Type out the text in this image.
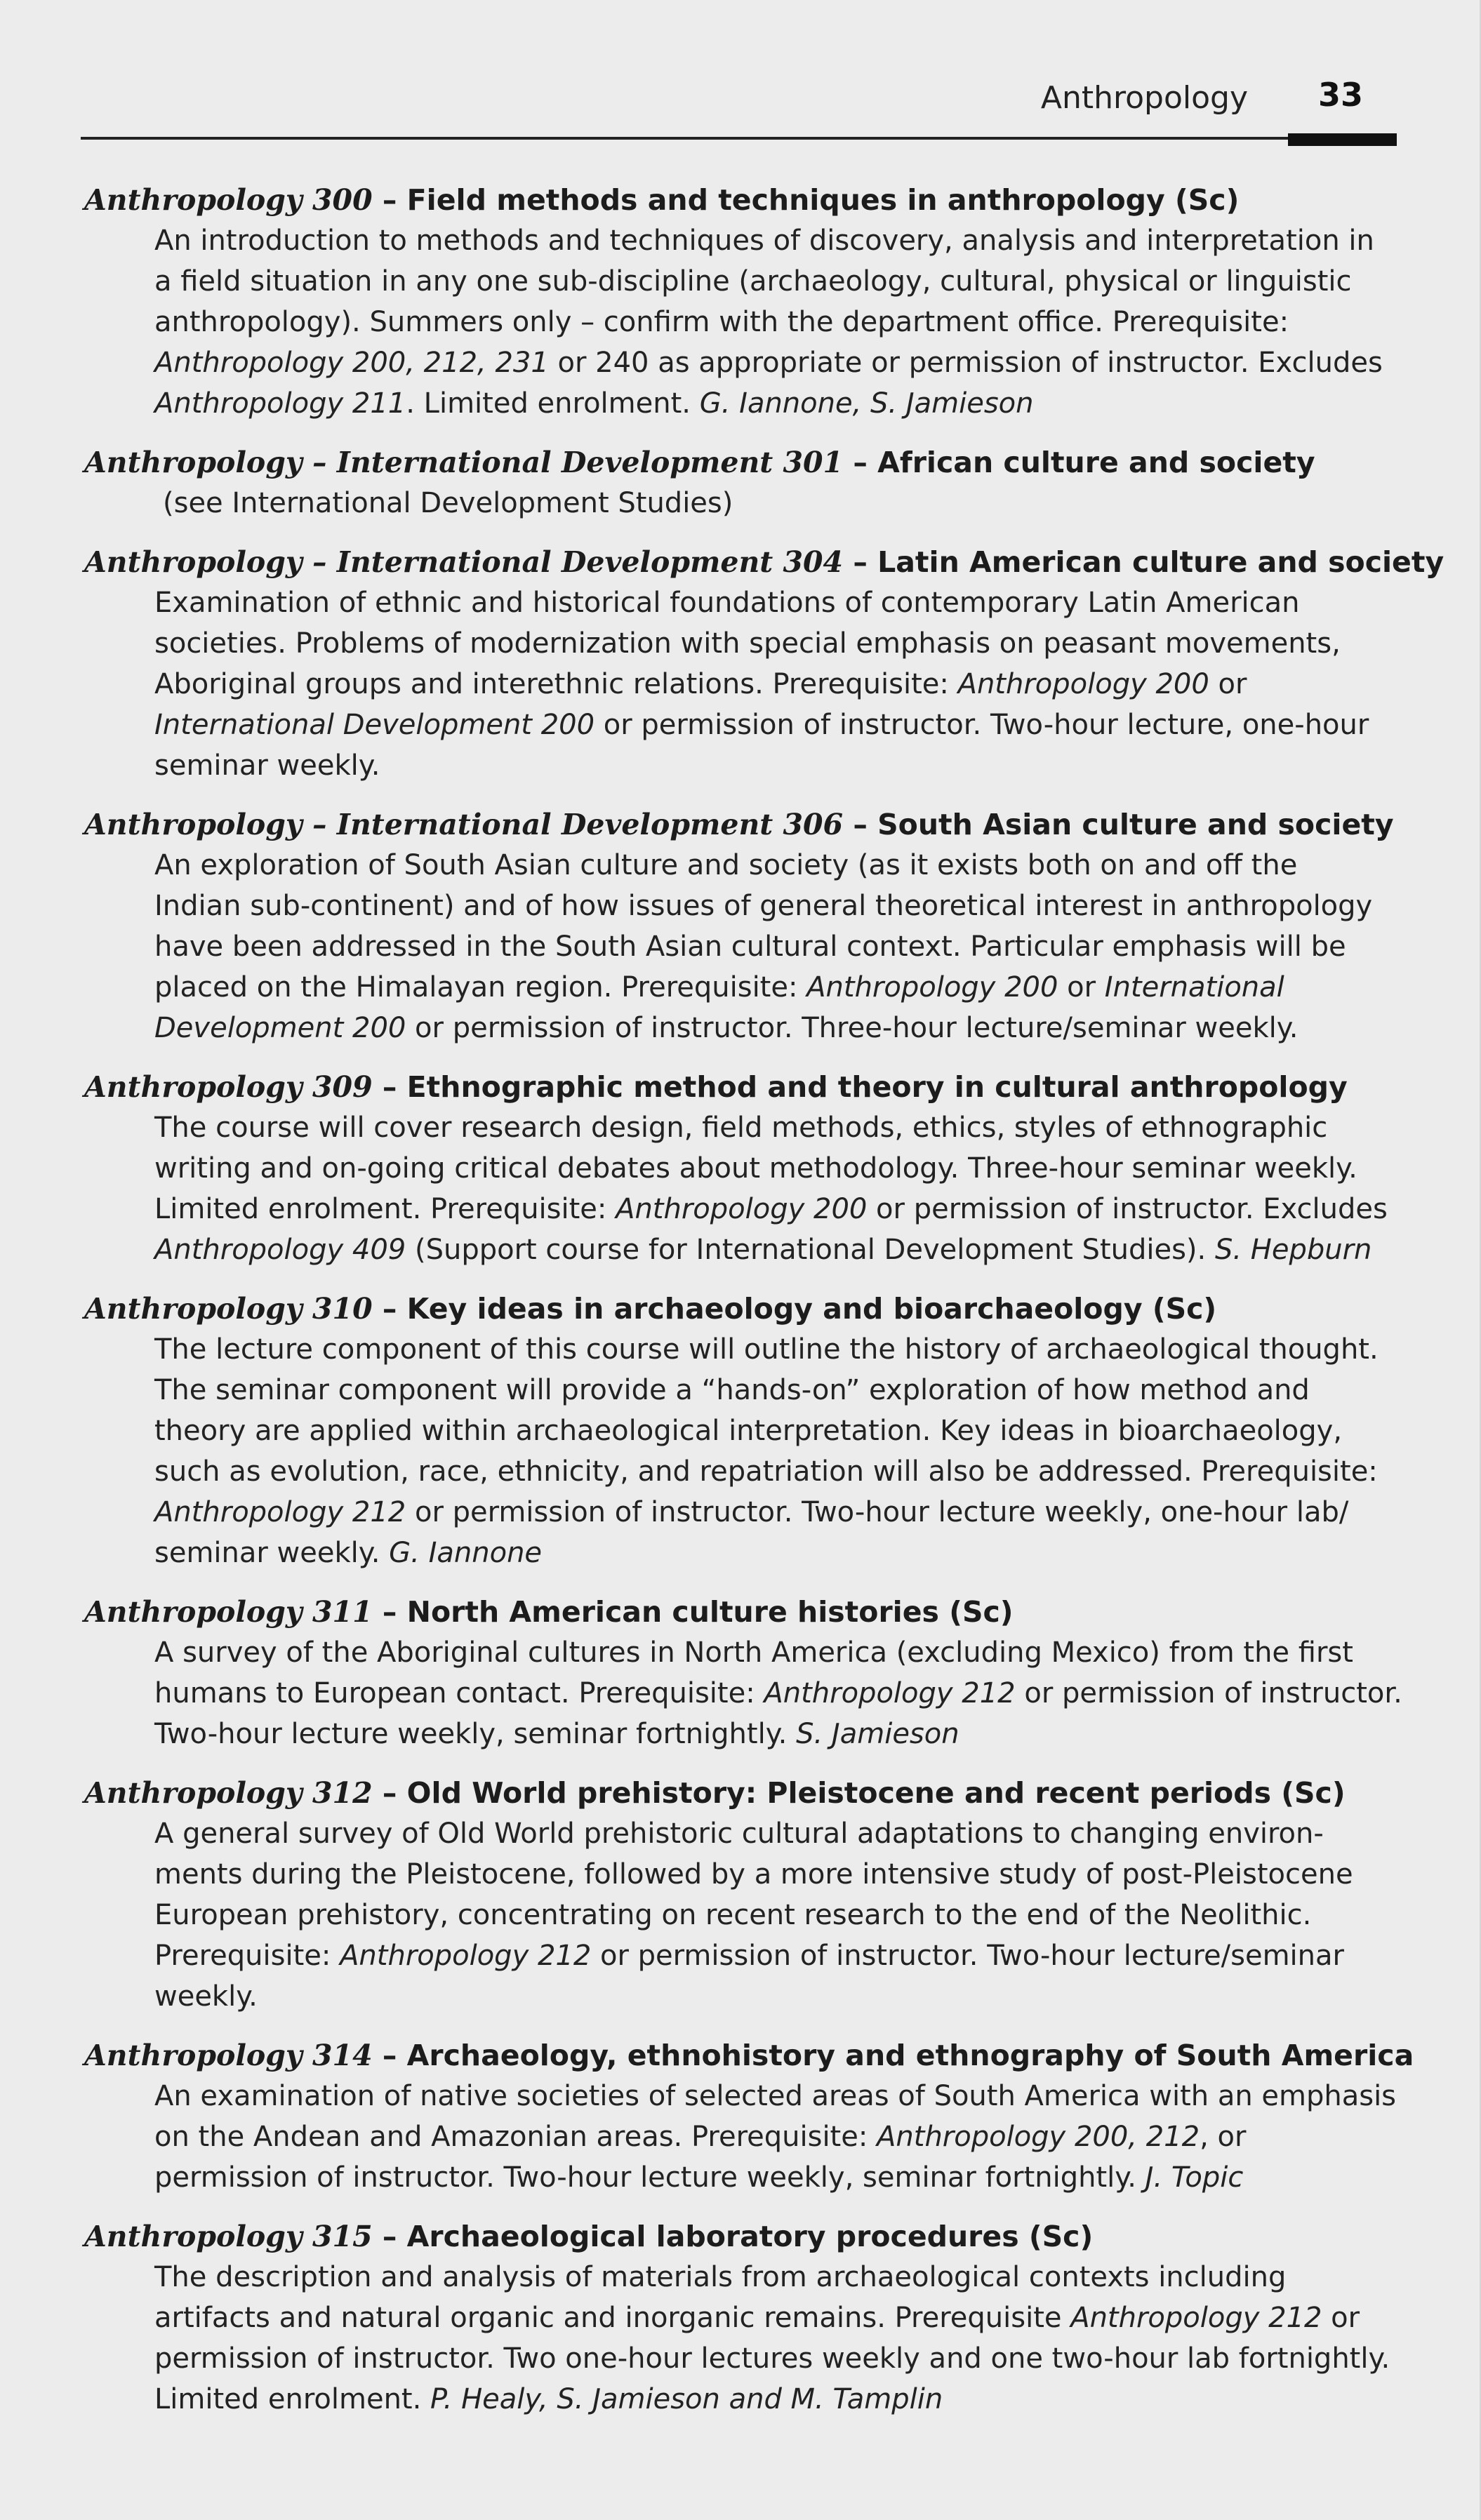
Anthropology 33
Anthropology 300 – Field methods and techniques in anthropology (Sc)

An introduction to methods and techniques of discovery, analysis and interpretation in

a field situation in any one sub-discipline (archaeology, cultural, physical or linguistic

anthropology). Summers only – confirm with the department office. Prerequisite:

Anthropology 200, 212, 231 or 240 as appropriate or permission of instructor. Excludes

Anthropology 211. Limited enrolment. G. Iannone, S. Jamieson

Anthropology – International Development 301 – African culture and society

(see International Development Studies)

Anthropology – International Development 304 – Latin American culture and society

Examination of ethnic and historical foundations of contemporary Latin American

societies. Problems of modernization with special emphasis on peasant movements,

Aboriginal groups and interethnic relations. Prerequisite: Anthropology 200 or

International Development 200 or permission of instructor. Two-hour lecture, one-hour

seminar weekly.

Anthropology – International Development 306 – South Asian culture and society

An exploration of South Asian culture and society (as it exists both on and off the

Indian sub-continent) and of how issues of general theoretical interest in anthropology

have been addressed in the South Asian cultural context. Particular emphasis will be

placed on the Himalayan region. Prerequisite: Anthropology 200 or International

Development 200 or permission of instructor. Three-hour lecture/seminar weekly.

Anthropology 309 – Ethnographic method and theory in cultural anthropology

The course will cover research design, field methods, ethics, styles of ethnographic

writing and on-going critical debates about methodology. Three-hour seminar weekly.

Limited enrolment. Prerequisite: Anthropology 200 or permission of instructor. Excludes

Anthropology 409 (Support course for International Development Studies). S. Hepburn

Anthropology 310 – Key ideas in archaeology and bioarchaeology (Sc)

The lecture component of this course will outline the history of archaeological thought.

The seminar component will provide a “hands-on” exploration of how method and

theory are applied within archaeological interpretation. Key ideas in bioarchaeology,

such as evolution, race, ethnicity, and repatriation will also be addressed. Prerequisite:

Anthropology 212 or permission of instructor. Two-hour lecture weekly, one-hour lab/

seminar weekly. G. Iannone

Anthropology 311 – North American culture histories (Sc)

A survey of the Aboriginal cultures in North America (excluding Mexico) from the first

humans to European contact. Prerequisite: Anthropology 212 or permission of instructor.

Two-hour lecture weekly, seminar fortnightly. S. Jamieson

Anthropology 312 – Old World prehistory: Pleistocene and recent periods (Sc)

A general survey of Old World prehistoric cultural adaptations to changing environ-

ments during the Pleistocene, followed by a more intensive study of post-Pleistocene

European prehistory, concentrating on recent research to the end of the Neolithic.

Prerequisite: Anthropology 212 or permission of instructor. Two-hour lecture/seminar

weekly.

Anthropology 314 – Archaeology, ethnohistory and ethnography of South America

An examination of native societies of selected areas of South America with an emphasis

on the Andean and Amazonian areas. Prerequisite: Anthropology 200, 212, or

permission of instructor. Two-hour lecture weekly, seminar fortnightly. J. Topic

Anthropology 315 – Archaeological laboratory procedures (Sc)

The description and analysis of materials from archaeological contexts including

artifacts and natural organic and inorganic remains. Prerequisite Anthropology 212 or

permission of instructor. Two one-hour lectures weekly and one two-hour lab fortnightly.

Limited enrolment. P. Healy, S. Jamieson and M. Tamplin
